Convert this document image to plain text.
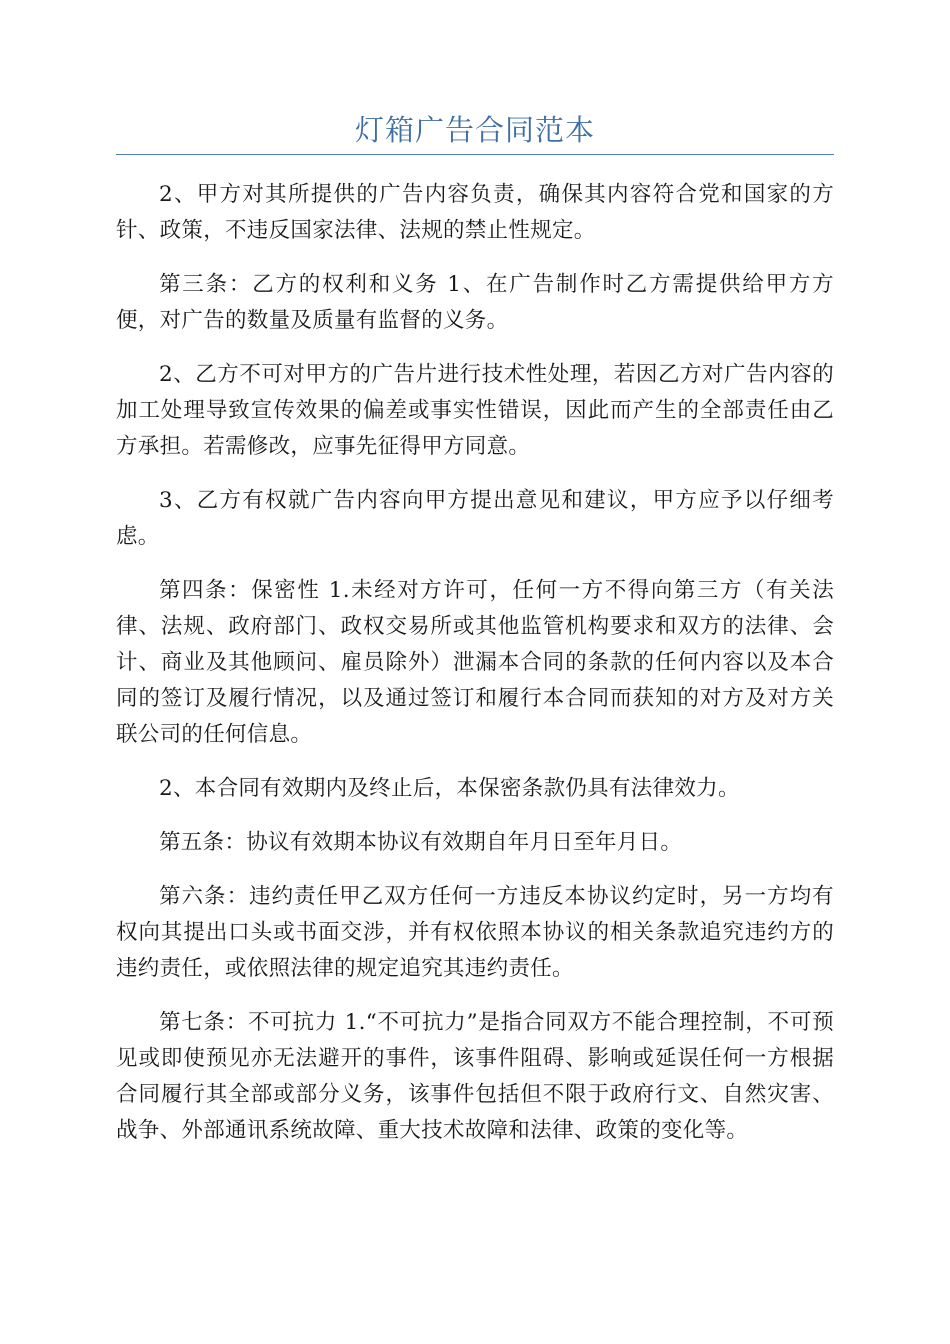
灯箱广告合同范本

2、甲方对其所提供的广告内容负责，确保其内容符合党和国家的方针、政策，不违反国家法律、法规的禁止性规定。

第三条：乙方的权利和义务 1、在广告制作时乙方需提供给甲方方便，对广告的数量及质量有监督的义务。

2、乙方不可对甲方的广告片进行技术性处理，若因乙方对广告内容的加工处理导致宣传效果的偏差或事实性错误，因此而产生的全部责任由乙方承担。若需修改，应事先征得甲方同意。

3、乙方有权就广告内容向甲方提出意见和建议，甲方应予以仔细考虑。

第四条：保密性 1.未经对方许可，任何一方不得向第三方（有关法律、法规、政府部门、政权交易所或其他监管机构要求和双方的法律、会计、商业及其他顾问、雇员除外）泄漏本合同的条款的任何内容以及本合同的签订及履行情况，以及通过签订和履行本合同而获知的对方及对方关联公司的任何信息。

2、本合同有效期内及终止后，本保密条款仍具有法律效力。

第五条：协议有效期本协议有效期自年月日至年月日。

第六条：违约责任甲乙双方任何一方违反本协议约定时，另一方均有权向其提出口头或书面交涉，并有权依照本协议的相关条款追究违约方的违约责任，或依照法律的规定追究其违约责任。

第七条：不可抗力 1.“不可抗力”是指合同双方不能合理控制，不可预见或即使预见亦无法避开的事件，该事件阻碍、影响或延误任何一方根据合同履行其全部或部分义务，该事件包括但不限于政府行文、自然灾害、战争、外部通讯系统故障、重大技术故障和法律、政策的变化等。
